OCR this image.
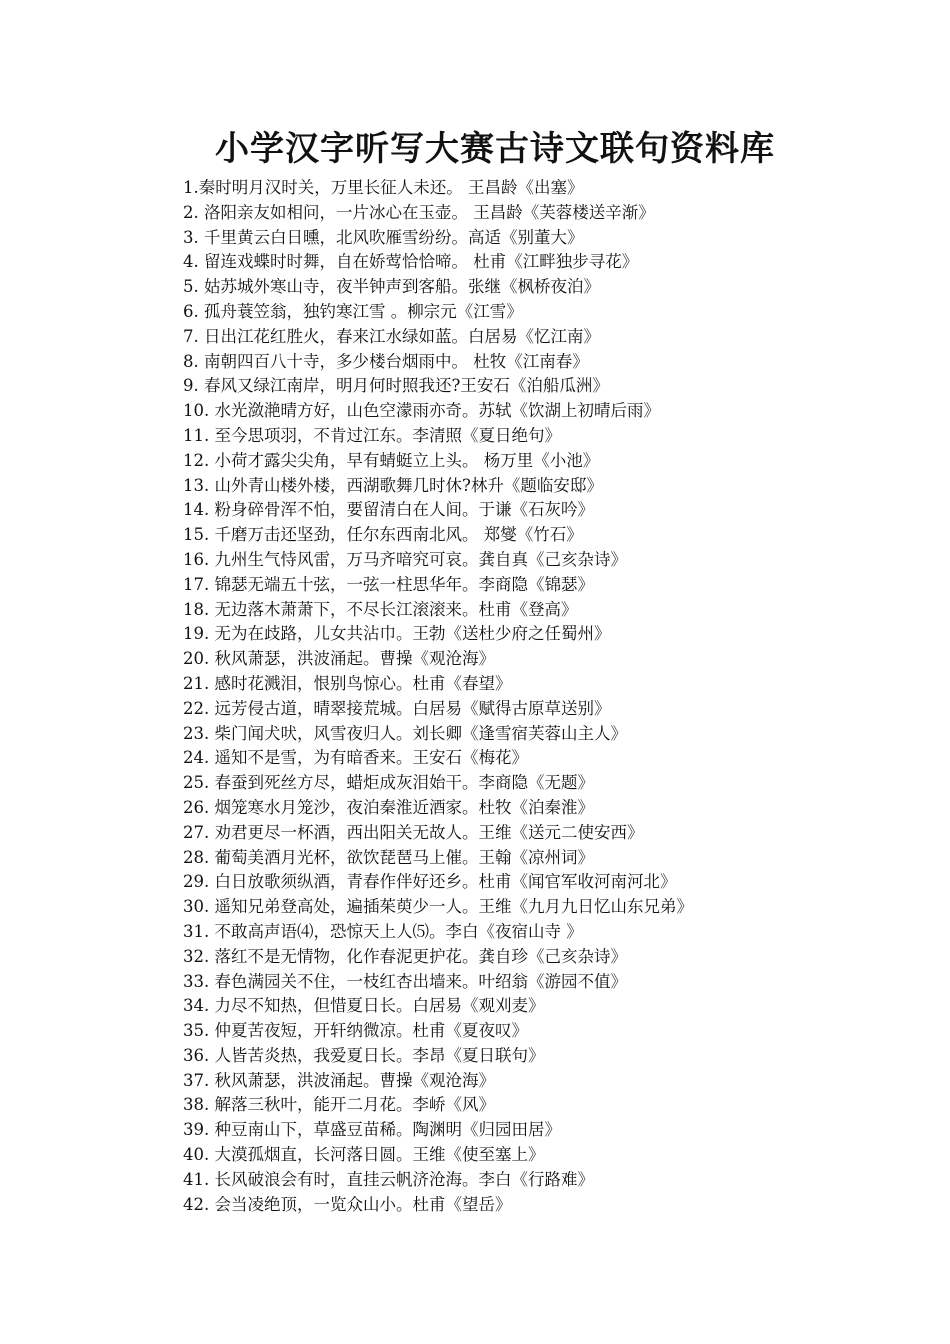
小学汉字听写大赛古诗文联句资料库
1.秦时明月汉时关，万里长征人未还。 王昌龄《出塞》
2. 洛阳亲友如相问，一片冰心在玉壶。 王昌龄《芙蓉楼送辛渐》
3. 千里黄云白日曛，北风吹雁雪纷纷。高适《别董大》
4. 留连戏蝶时时舞，自在娇莺恰恰啼。 杜甫《江畔独步寻花》
5. 姑苏城外寒山寺，夜半钟声到客船。张继《枫桥夜泊》
6. 孤舟蓑笠翁，独钓寒江雪 。柳宗元《江雪》
7. 日出江花红胜火，春来江水绿如蓝。白居易《忆江南》
8. 南朝四百八十寺，多少楼台烟雨中。 杜牧《江南春》
9. 春风又绿江南岸，明月何时照我还?王安石《泊船瓜洲》
10. 水光潋滟晴方好，山色空濛雨亦奇。苏轼《饮湖上初晴后雨》
11. 至今思项羽，不肯过江东。李清照《夏日绝句》
12. 小荷才露尖尖角，早有蜻蜓立上头。 杨万里《小池》
13. 山外青山楼外楼，西湖歌舞几时休?林升《题临安邸》
14. 粉身碎骨浑不怕，要留清白在人间。于谦《石灰吟》
15. 千磨万击还坚劲，任尔东西南北风。 郑燮《竹石》
16. 九州生气恃风雷，万马齐喑究可哀。龚自真《己亥杂诗》
17. 锦瑟无端五十弦，一弦一柱思华年。李商隐《锦瑟》
18. 无边落木萧萧下，不尽长江滚滚来。杜甫《登高》
19. 无为在歧路，儿女共沾巾。王勃《送杜少府之任蜀州》
20. 秋风萧瑟，洪波涌起。曹操《观沧海》
21. 感时花溅泪，恨别鸟惊心。杜甫《春望》
22. 远芳侵古道，晴翠接荒城。白居易《赋得古原草送别》
23. 柴门闻犬吠，风雪夜归人。刘长卿《逢雪宿芙蓉山主人》
24. 遥知不是雪，为有暗香来。王安石《梅花》
25. 春蚕到死丝方尽，蜡炬成灰泪始干。李商隐《无题》
26. 烟笼寒水月笼沙，夜泊秦淮近酒家。杜牧《泊秦淮》
27. 劝君更尽一杯酒，西出阳关无故人。王维《送元二使安西》
28. 葡萄美酒月光杯，欲饮琵琶马上催。王翰《凉州词》
29. 白日放歌须纵酒，青春作伴好还乡。杜甫《闻官军收河南河北》
30. 遥知兄弟登高处，遍插茱萸少一人。王维《九月九日忆山东兄弟》
31. 不敢高声语⑷，恐惊天上人⑸。李白《夜宿山寺 》
32. 落红不是无情物，化作春泥更护花。龚自珍《己亥杂诗》
33. 春色满园关不住，一枝红杏出墙来。叶绍翁《游园不值》
34. 力尽不知热，但惜夏日长。白居易《观刈麦》
35. 仲夏苦夜短，开轩纳微凉。杜甫《夏夜叹》
36. 人皆苦炎热，我爱夏日长。李昂《夏日联句》
37. 秋风萧瑟，洪波涌起。曹操《观沧海》
38. 解落三秋叶，能开二月花。李峤《风》
39. 种豆南山下，草盛豆苗稀。陶渊明《归园田居》
40. 大漠孤烟直，长河落日圆。王维《使至塞上》
41. 长风破浪会有时，直挂云帆济沧海。李白《行路难》
42. 会当凌绝顶，一览众山小。杜甫《望岳》
